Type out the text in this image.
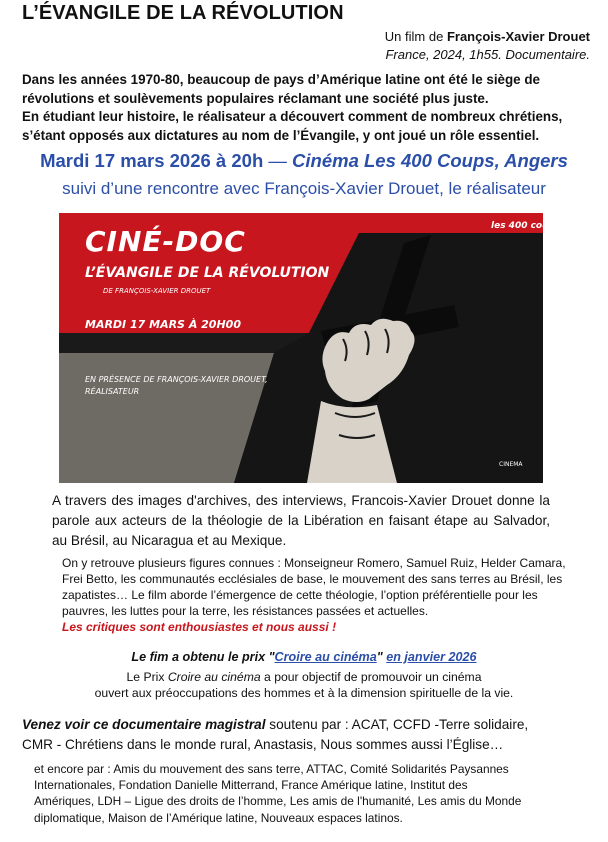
L’ÉVANGILE DE LA RÉVOLUTION
Un film de François-Xavier Drouet
France, 2024, 1h55. Documentaire.

Dans les années 1970-80, beaucoup de pays d’Amérique latine ont été le siège de

révolutions et soulèvements populaires réclamant une société plus juste.

En étudiant leur histoire, le réalisateur a découvert comment de nombreux chrétiens,

s’étant opposés aux dictatures au nom de l’Évangile, y ont joué un rôle essentiel.

Mardi 17 mars 2026 à 20h — Cinéma Les 400 Coups, Angers
suivi d’une rencontre avec François-Xavier Drouet, le réalisateur
CINÉ-DOC
L’ÉVANGILE DE LA RÉVOLUTION
DE FRANÇOIS-XAVIER DROUET
MARDI 17 MARS À 20H00
EN PRÉSENCE DE FRANÇOIS-XAVIER DROUET,
RÉALISATEUR
les 400 coups
CINEMA
A travers des images d'archives, des interviews, Francois-Xavier Drouet donne la parole aux acteurs de la théologie de la Libération en faisant étape au Salvador, au Brésil, au Nicaragua et au Mexique.

On y retrouve plusieurs figures connues : Monseigneur Romero, Samuel Ruiz, Helder Camara,

Frei Betto, les communautés ecclésiales de base, le mouvement des sans terres au Brésil, les

zapatistes… Le film aborde l’émergence de cette théologie, l’option préférentielle pour les

pauvres, les luttes pour la terre, les résistances passées et actuelles.

Les critiques sont enthousiastes et nous aussi !
Le fim a obtenu le prix "Croire au cinéma" en janvier 2026

Le Prix Croire au cinéma a pour objectif de promouvoir un cinéma

ouvert aux préoccupations des hommes et à la dimension spirituelle de la vie.

Venez voir ce documentaire magistral soutenu par : ACAT, CCFD -Terre solidaire,

CMR - Chrétiens dans le monde rural, Anastasis, Nous sommes aussi l’Église…

et encore par : Amis du mouvement des sans terre, ATTAC, Comité Solidarités Paysannes

Internationales, Fondation Danielle Mitterrand, France Amérique latine, Institut des

Amériques, LDH – Ligue des droits de l’homme, Les amis de l'humanité, Les amis du Monde

diplomatique, Maison de l’Amérique latine, Nouveaux espaces latinos.
